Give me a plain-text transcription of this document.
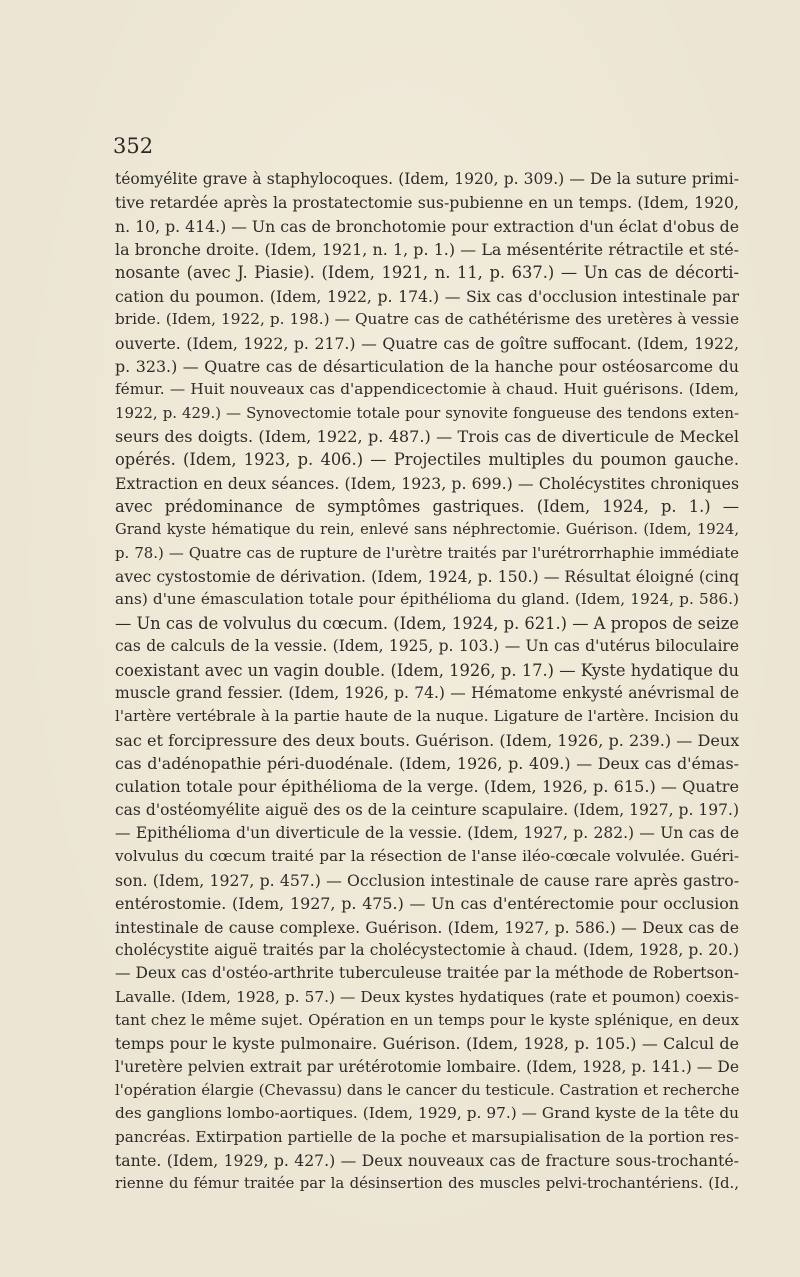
352
téomyélite grave à staphylocoques. (Idem, 1920, p. 309.) — De la suture primi-
tive retardée après la prostatectomie sus-pubienne en un temps. (Idem, 1920,
n. 10, p. 414.) — Un cas de bronchotomie pour extraction d'un éclat d'obus de
la bronche droite. (Idem, 1921, n. 1, p. 1.) — La mésentérite rétractile et sté-
nosante (avec J. Piasie). (Idem, 1921, n. 11, p. 637.) — Un cas de décorti-
cation du poumon. (Idem, 1922, p. 174.) — Six cas d'occlusion intestinale par
bride. (Idem, 1922, p. 198.) — Quatre cas de cathétérisme des uretères à vessie
ouverte. (Idem, 1922, p. 217.) — Quatre cas de goître suffocant. (Idem, 1922,
p. 323.) — Quatre cas de désarticulation de la hanche pour ostéosarcome du
fémur. — Huit nouveaux cas d'appendicectomie à chaud. Huit guérisons. (Idem,
1922, p. 429.) — Synovectomie totale pour synovite fongueuse des tendons exten-
seurs des doigts. (Idem, 1922, p. 487.) — Trois cas de diverticule de Meckel
opérés. (Idem, 1923, p. 406.) — Projectiles multiples du poumon gauche.
Extraction en deux séances. (Idem, 1923, p. 699.) — Cholécystites chroniques
avec prédominance de symptômes gastriques. (Idem, 1924, p. 1.) —
Grand kyste hématique du rein, enlevé sans néphrectomie. Guérison. (Idem, 1924,
p. 78.) — Quatre cas de rupture de l'urètre traités par l'urétrorrhaphie immédiate
avec cystostomie de dérivation. (Idem, 1924, p. 150.) — Résultat éloigné (cinq
ans) d'une émasculation totale pour épithélioma du gland. (Idem, 1924, p. 586.)
— Un cas de volvulus du cœcum. (Idem, 1924, p. 621.) — A propos de seize
cas de calculs de la vessie. (Idem, 1925, p. 103.) — Un cas d'utérus biloculaire
coexistant avec un vagin double. (Idem, 1926, p. 17.) — Kyste hydatique du
muscle grand fessier. (Idem, 1926, p. 74.) — Hématome enkysté anévrismal de
l'artère vertébrale à la partie haute de la nuque. Ligature de l'artère. Incision du
sac et forcipressure des deux bouts. Guérison. (Idem, 1926, p. 239.) — Deux
cas d'adénopathie péri-duodénale. (Idem, 1926, p. 409.) — Deux cas d'émas-
culation totale pour épithélioma de la verge. (Idem, 1926, p. 615.) — Quatre
cas d'ostéomyélite aiguë des os de la ceinture scapulaire. (Idem, 1927, p. 197.)
— Epithélioma d'un diverticule de la vessie. (Idem, 1927, p. 282.) — Un cas de
volvulus du cœcum traité par la résection de l'anse iléo-cœcale volvulée. Guéri-
son. (Idem, 1927, p. 457.) — Occlusion intestinale de cause rare après gastro-
entérostomie. (Idem, 1927, p. 475.) — Un cas d'entérectomie pour occlusion
intestinale de cause complexe. Guérison. (Idem, 1927, p. 586.) — Deux cas de
cholécystite aiguë traités par la cholécystectomie à chaud. (Idem, 1928, p. 20.)
— Deux cas d'ostéo-arthrite tuberculeuse traitée par la méthode de Robertson-
Lavalle. (Idem, 1928, p. 57.) — Deux kystes hydatiques (rate et poumon) coexis-
tant chez le même sujet. Opération en un temps pour le kyste splénique, en deux
temps pour le kyste pulmonaire. Guérison. (Idem, 1928, p. 105.) — Calcul de
l'uretère pelvien extrait par urétérotomie lombaire. (Idem, 1928, p. 141.) — De
l'opération élargie (Chevassu) dans le cancer du testicule. Castration et recherche
des ganglions lombo-aortiques. (Idem, 1929, p. 97.) — Grand kyste de la tête du
pancréas. Extirpation partielle de la poche et marsupialisation de la portion res-
tante. (Idem, 1929, p. 427.) — Deux nouveaux cas de fracture sous-trochanté-
rienne du fémur traitée par la désinsertion des muscles pelvi-trochantériens. (Id.,
